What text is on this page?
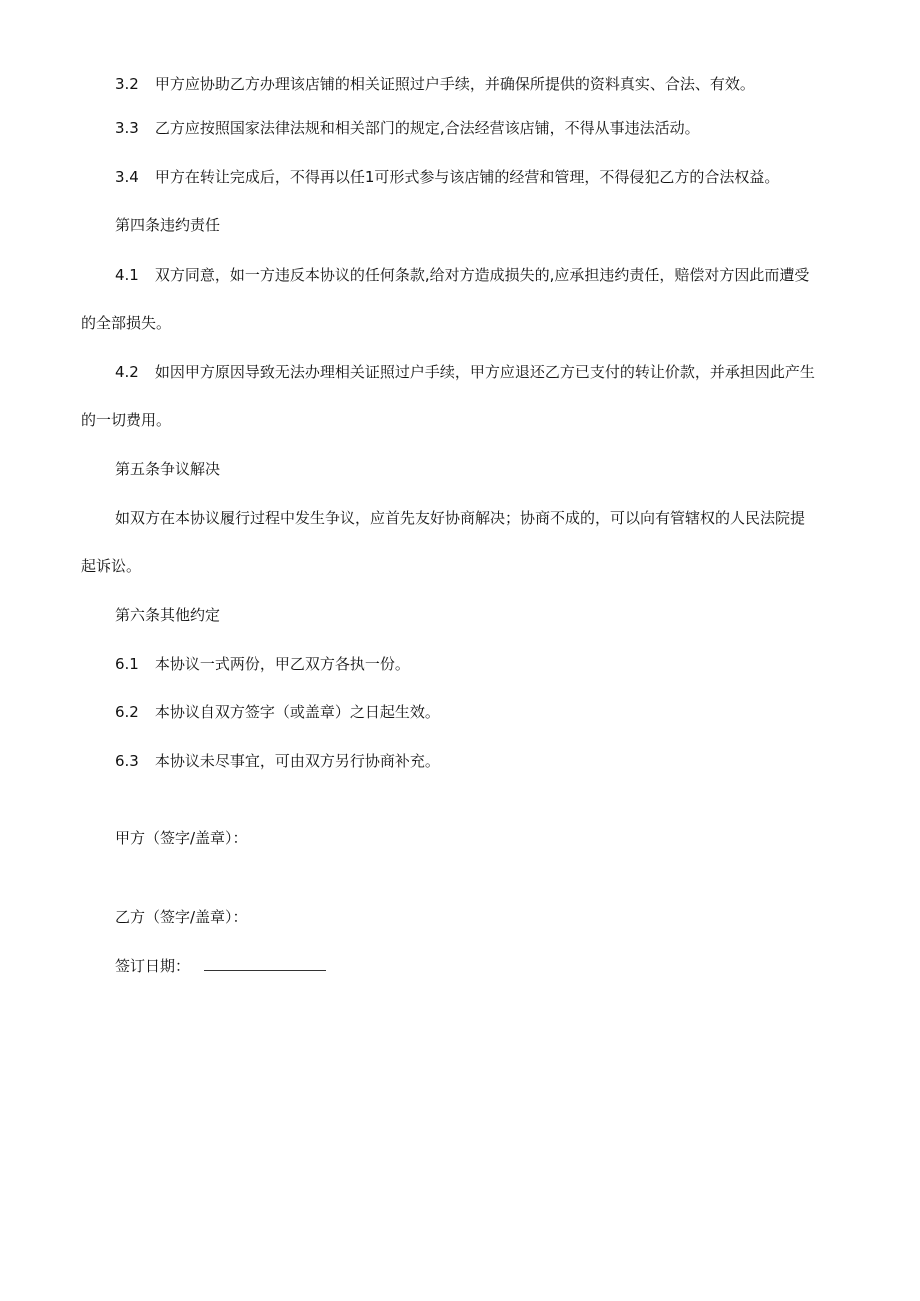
3.2 甲方应协助乙方办理该店铺的相关证照过户手续，并确保所提供的资料真实、合法、有效。
3.3 乙方应按照国家法律法规和相关部门的规定,合法经营该店铺，不得从事违法活动。
3.4 甲方在转让完成后，不得再以任1可形式参与该店铺的经营和管理，不得侵犯乙方的合法权益。
第四条违约责任
4.1 双方同意，如一方违反本协议的任何条款,给对方造成损失的,应承担违约责任，赔偿对方因此而遭受
的全部损失。
4.2 如因甲方原因导致无法办理相关证照过户手续，甲方应退还乙方已支付的转让价款，并承担因此产生
的一切费用。
第五条争议解决
如双方在本协议履行过程中发生争议，应首先友好协商解决；协商不成的，可以向有管辖权的人民法院提
起诉讼。
第六条其他约定
6.1 本协议一式两份，甲乙双方各执一份。
6.2 本协议自双方签字（或盖章）之日起生效。
6.3 本协议未尽事宜，可由双方另行协商补充。
甲方（签字/盖章）：
乙方（签字/盖章）：
签订日期：
